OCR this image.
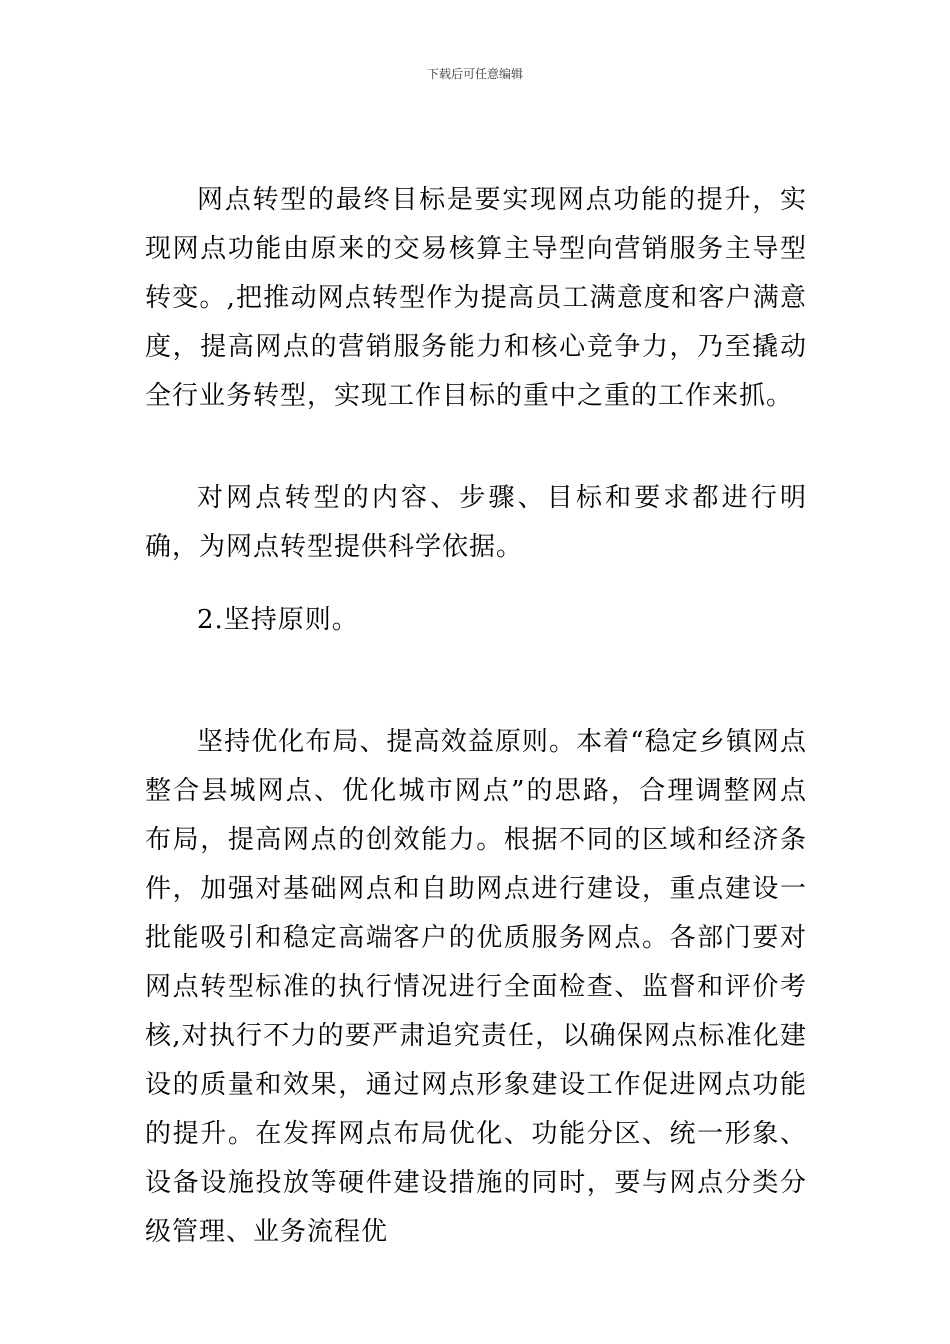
下载后可任意编辑

网点转型的最终目标是要实现网点功能的提升，实现网点功能由原来的交易核算主导型向营销服务主导型转变。,把推动网点转型作为提高员工满意度和客户满意度，提高网点的营销服务能力和核心竞争力，乃至撬动全行业务转型，实现工作目标的重中之重的工作来抓。

对网点转型的内容、步骤、目标和要求都进行明确，为网点转型提供科学依据。

2.坚持原则。

坚持优化布局、提高效益原则。本着“稳定乡镇网点整合县城网点、优化城市网点”的思路，合理调整网点布局，提高网点的创效能力。根据不同的区域和经济条件，加强对基础网点和自助网点进行建设，重点建设一批能吸引和稳定高端客户的优质服务网点。各部门要对网点转型标准的执行情况进行全面检查、监督和评价考核,对执行不力的要严肃追究责任，以确保网点标准化建设的质量和效果，通过网点形象建设工作促进网点功能的提升。在发挥网点布局优化、功能分区、统一形象、设备设施投放等硬件建设措施的同时，要与网点分类分级管理、业务流程优
